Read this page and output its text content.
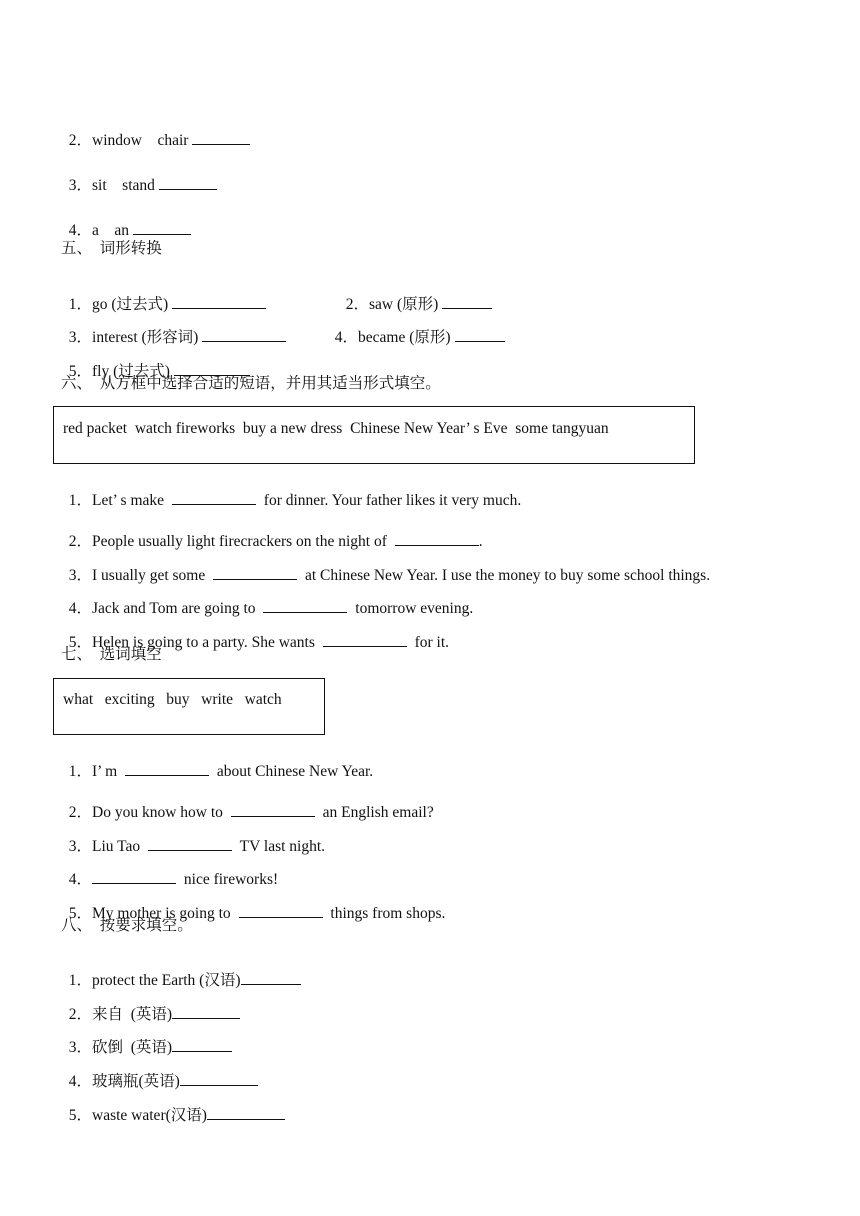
2．window　chair

3．sit　stand

4．a　an

五、  词形转换

1．go (过去式)	2．saw (原形)

3．interest (形容词)	4．became (原形)

5．fly (过去式)

六、  从方框中选择合适的短语，并用其适当形式填空。
red packet  watch fireworks  buy a new dress  Chinese New Year’ s Eve  some tangyuan

1．Let’ s make	for dinner. Your father likes it very much.

2．People usually light firecrackers on the night of	.

3．I usually get some	at Chinese New Year. I use the money to buy some school things.

4．Jack and Tom are going to	tomorrow evening.

5．Helen is going to a party. She wants	for it.

七、  选词填空
what   exciting   buy   write   watch

1．I’ m	about Chinese New Year.

2．Do you know how to	an English email?

3．Liu Tao	TV last night.

4．	nice fireworks!

5．My mother is going to	things from shops.

八、  按要求填空。

1．protect the Earth (汉语)

2．来自  (英语)

3．砍倒  (英语)

4．玻璃瓶(英语)

5．waste water(汉语)
